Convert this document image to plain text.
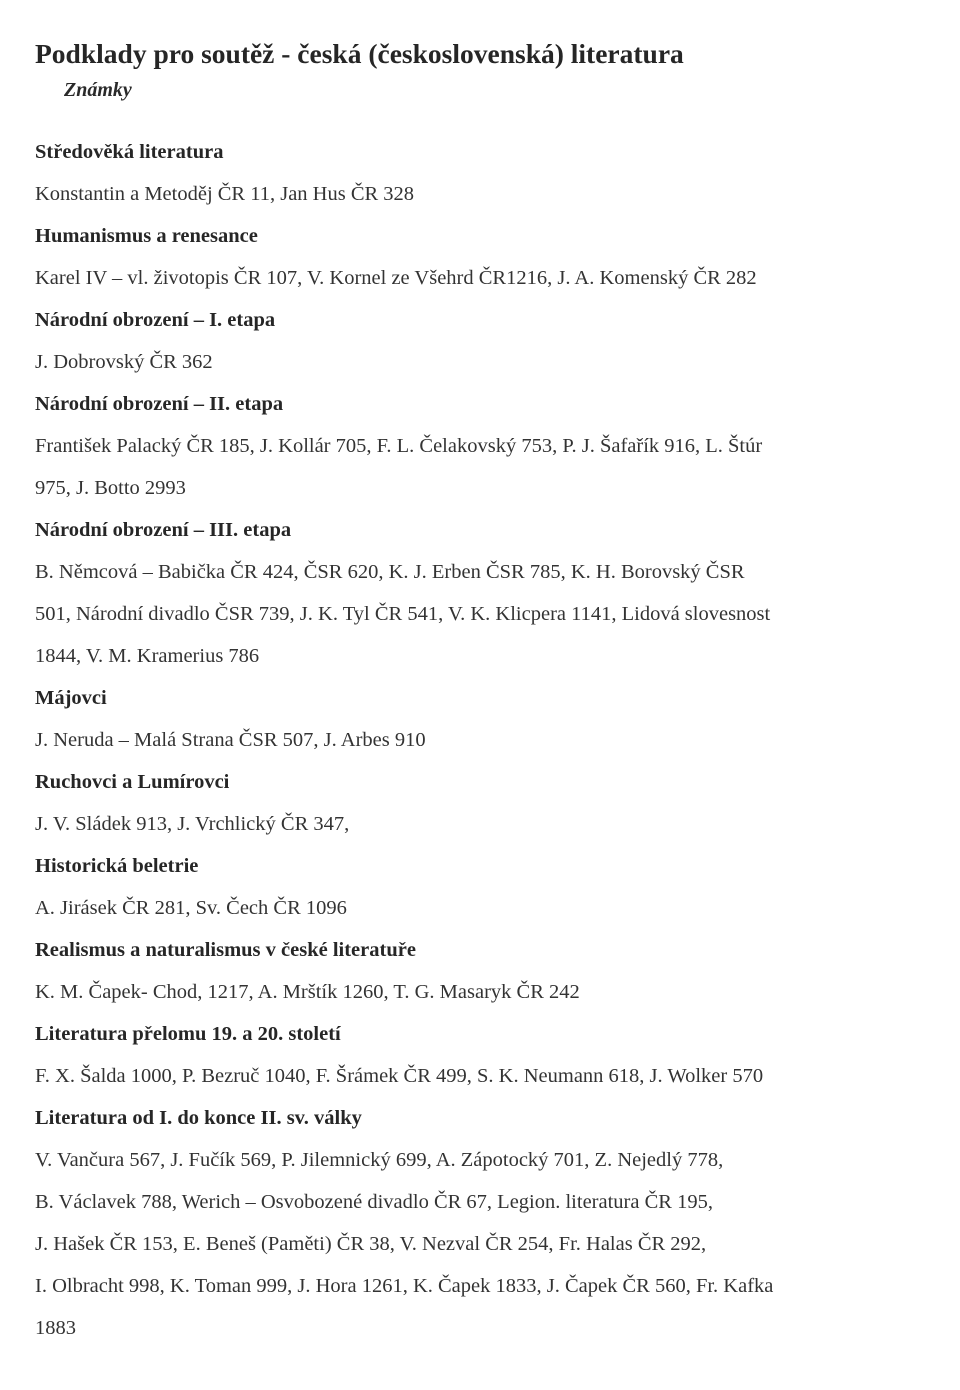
Podklady pro soutěž - česká (československá) literatura
Známky
Středověká literatura
Konstantin a Metoděj ČR 11, Jan Hus ČR 328
Humanismus a renesance
Karel IV – vl. životopis ČR 107, V. Kornel ze Všehrd ČR1216, J. A. Komenský ČR 282
Národní obrození – I. etapa
J. Dobrovský ČR 362
Národní obrození – II. etapa
František Palacký ČR 185, J. Kollár 705, F. L. Čelakovský 753, P. J. Šafařík 916, L. Štúr
975, J. Botto 2993
Národní obrození – III. etapa
B. Němcová – Babička ČR 424, ČSR 620, K. J. Erben ČSR 785, K. H. Borovský ČSR
501, Národní divadlo ČSR 739, J. K. Tyl ČR 541, V. K. Klicpera 1141, Lidová slovesnost
1844, V. M. Kramerius 786
Májovci
J. Neruda – Malá Strana ČSR 507, J. Arbes 910
Ruchovci a Lumírovci
J. V. Sládek 913, J. Vrchlický ČR 347,
Historická beletrie
A. Jirásek ČR 281, Sv. Čech ČR 1096
Realismus a naturalismus v české literatuře
K. M. Čapek- Chod, 1217, A. Mrštík 1260, T. G. Masaryk ČR 242
Literatura přelomu 19. a 20. století
F. X. Šalda 1000, P. Bezruč 1040, F. Šrámek ČR 499, S. K. Neumann 618, J. Wolker 570
Literatura od I. do konce II. sv. války
V. Vančura 567, J. Fučík 569, P. Jilemnický 699, A. Zápotocký 701, Z. Nejedlý 778,
B. Václavek 788, Werich – Osvobozené divadlo ČR 67, Legion. literatura ČR 195,
J. Hašek ČR 153, E. Beneš (Paměti) ČR 38, V. Nezval ČR 254, Fr. Halas ČR 292,
I. Olbracht 998, K. Toman 999, J. Hora 1261, K. Čapek 1833, J. Čapek ČR 560, Fr. Kafka
1883
